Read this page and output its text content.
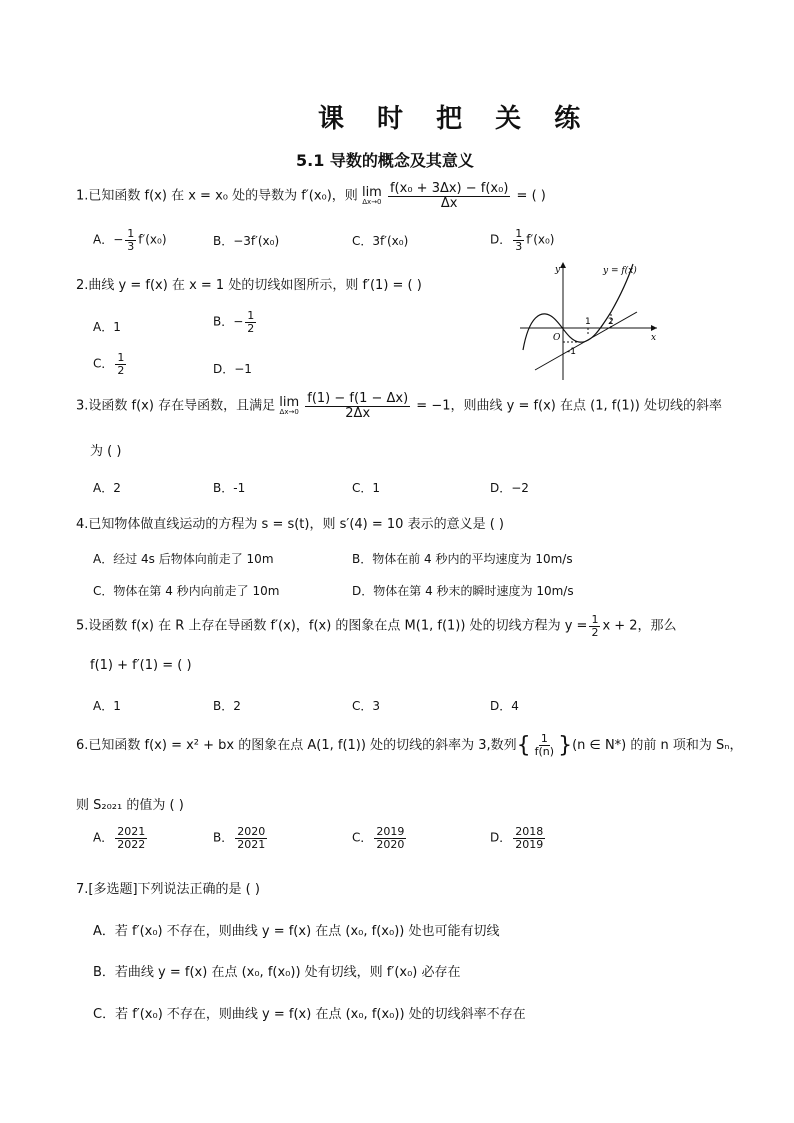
课 时 把 关 练
5.1 导数的概念及其意义
1.已知函数 f(x) 在 x = x₀ 处的导数为 f′(x₀)，则 lim
Δx→0
$\frac{\text{f(x₀ + 3Δx) − f(x₀)}}{\Delta x}$ = ( )
A．− $\frac{1}{3} f'(x_0)$	B．−3f′(x₀)	C．3f′(x₀)	D． $\frac{1}{3} f'(x_0)$
2.曲线 y = f(x) 在 x = 1 处的切线如图所示，则 f′(1) = ( )
A．1	B．− $\frac{1}{2}$
C． $\frac{1}{2}$	D．−1
y
x
y = f(x)
O
1 2
-1
3.设函数 f(x) 存在导函数，且满足 lim
Δx→0
$\frac{f(1) - f(1 - \Delta x)}{2\Delta x} = -1$，则曲线 y = f(x) 在点 (1, f(1)) 处切线的斜率
为 ( )
A．2	B．-1	C．1	D．−2
4.已知物体做直线运动的方程为 s = s(t)，则 s′(4) = 10 表示的意义是 ( )
A．经过 4s 后物体向前走了 10m	B．物体在前 4 秒内的平均速度为 10m/s
C．物体在第 4 秒内向前走了 10m	D．物体在第 4 秒末的瞬时速度为 10m/s
5.设函数 f(x) 在 R 上存在导函数 f′(x)，f(x) 的图象在点 M(1, f(1)) 处的切线方程为 $y = \frac{1}{2}$ x + 2，那么
f(1) + f′(1) = ( )
A．1	B．2	C．3	D．4
6.已知函数 f(x) = x² + bx 的图象在点 A(1, f(1)) 处的切线的斜率为 3,数列{ $\frac{1}{f(n)} \}(n$ ∈ N*) 的前 n 项和为 Sₙ，
则 S₂₀₂₁ 的值为 ( )
A． $\frac{2021}{2022}$	B． $\frac{2020}{2021}$	C． $\frac{2019}{2020}$	D． $\frac{2018}{2019}$
7.[多选题]下列说法正确的是 ( )
A．若 f′(x₀) 不存在，则曲线 y = f(x) 在点 (x₀, f(x₀)) 处也可能有切线
B．若曲线 y = f(x) 在点 (x₀, f(x₀)) 处有切线，则 f′(x₀) 必存在
C．若 f′(x₀) 不存在，则曲线 y = f(x) 在点 (x₀, f(x₀)) 处的切线斜率不存在
